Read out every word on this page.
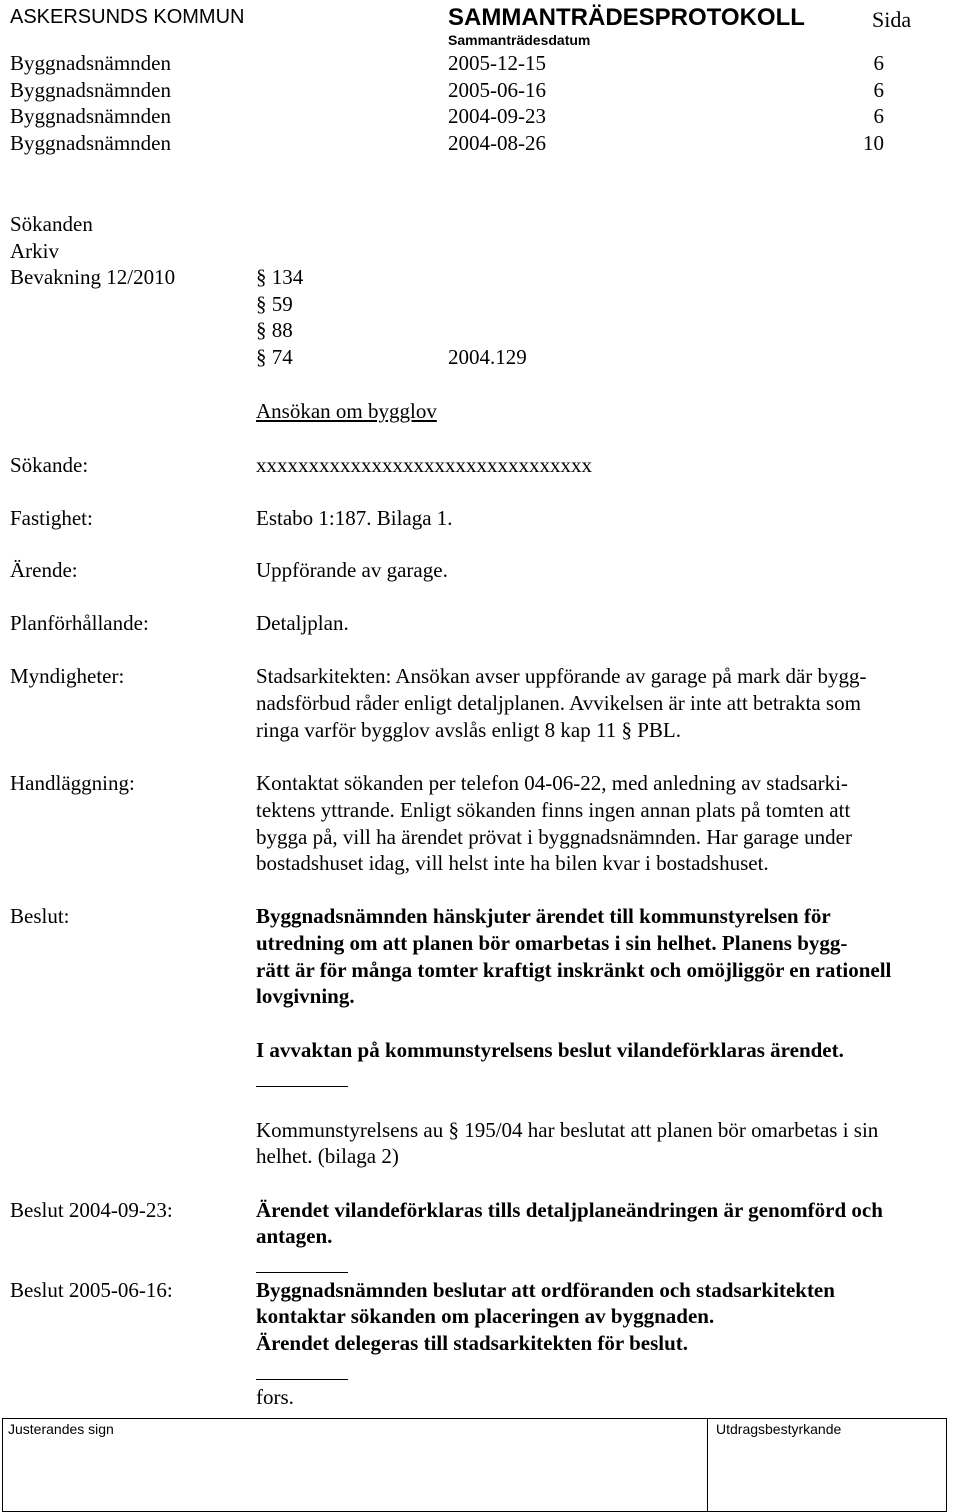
ASKERSUNDS KOMMUN	SAMMANTRÄDESPROTOKOLL	Sida
Sammanträdesdatum
Byggnadsnämnden	2005-12-15	6
Byggnadsnämnden	2005-06-16	6
Byggnadsnämnden	2004-09-23	6
Byggnadsnämnden	2004-08-26	10
Sökanden
Arkiv
Bevakning 12/2010	§ 134
§ 59
§ 88
§ 74	2004.129
Ansökan om bygglov
Sökande:	xxxxxxxxxxxxxxxxxxxxxxxxxxxxxxxx
Fastighet:	Estabo 1:187. Bilaga 1.
Ärende:	Uppförande av garage.
Planförhållande:	Detaljplan.
Myndigheter:	Stadsarkitekten: Ansökan avser uppförande av garage på mark där bygg-
nadsförbud råder enligt detaljplanen. Avvikelsen är inte att betrakta som
ringa varför bygglov avslås enligt 8 kap 11 § PBL.
Handläggning:	Kontaktat sökanden per telefon 04-06-22, med anledning av stadsarki-
tektens yttrande. Enligt sökanden finns ingen annan plats på tomten att
bygga på, vill ha ärendet prövat i byggnadsnämnden. Har garage under
bostadshuset idag, vill helst inte ha bilen kvar i bostadshuset.
Beslut:	Byggnadsnämnden hänskjuter ärendet till kommunstyrelsen för
utredning om att planen bör omarbetas i sin helhet. Planens bygg-
rätt är för många tomter kraftigt inskränkt och omöjliggör en rationell
lovgivning.
I avvaktan på kommunstyrelsens beslut vilandeförklaras ärendet.
Kommunstyrelsens au § 195/04 har beslutat att planen bör omarbetas i sin
helhet. (bilaga 2)
Beslut 2004-09-23:	Ärendet vilandeförklaras tills detaljplaneändringen är genomförd och
antagen.
Beslut 2005-06-16:	Byggnadsnämnden beslutar att ordföranden och stadsarkitekten
kontaktar sökanden om placeringen av byggnaden.
Ärendet delegeras till stadsarkitekten för beslut.
fors.
Justerandes sign	Utdragsbestyrkande
